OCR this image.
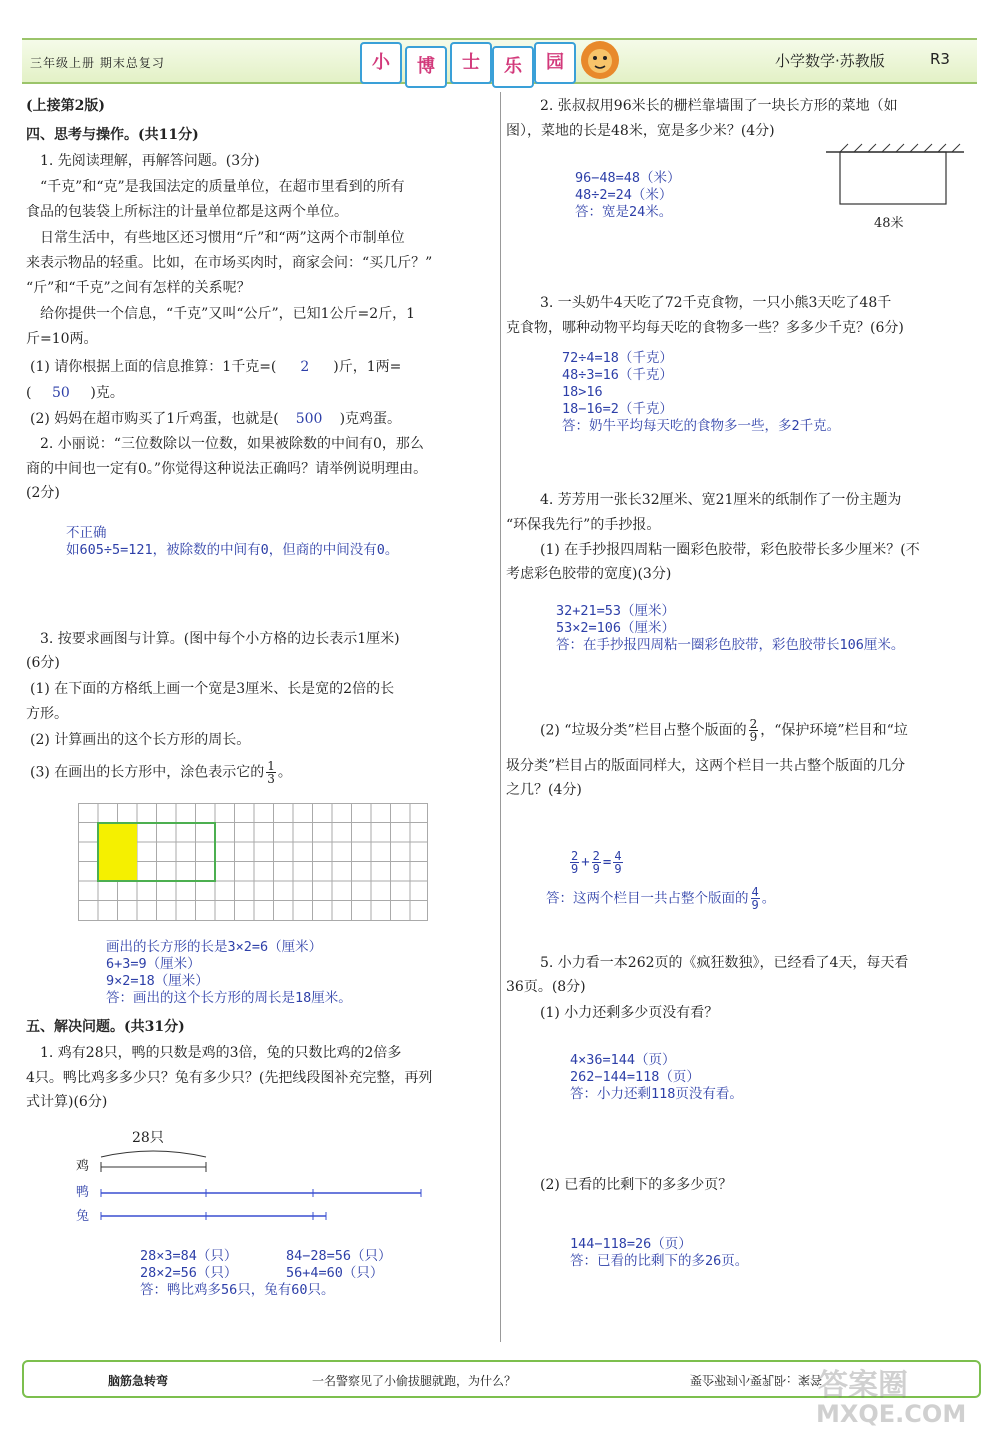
三年级上册 期末总复习	小	博	士	乐	园	小学数学·苏教版	R3
(上接第2版)
四、思考与操作。(共11分)
1. 先阅读理解，再解答问题。(3分)
“千克”和“克”是我国法定的质量单位，在超市里看到的所有
食品的包装袋上所标注的计量单位都是这两个单位。
日常生活中，有些地区还习惯用“斤”和“两”这两个市制单位
来表示物品的轻重。比如，在市场买肉时，商家会问：“买几斤？”
“斤”和“千克”之间有怎样的关系呢？
给你提供一个信息，“千克”又叫“公斤”，已知1公斤=2斤，1
斤=10两。
(1) 请你根据上面的信息推算：1千克=( 2 )斤，1两=
( 50 )克。
(2) 妈妈在超市购买了1斤鸡蛋，也就是( 500 )克鸡蛋。
2. 小丽说：“三位数除以一位数，如果被除数的中间有0，那么
商的中间也一定有0。”你觉得这种说法正确吗？请举例说明理由。
(2分)
不正确
如605÷5=121，被除数的中间有0，但商的中间没有0。
3. 按要求画图与计算。(图中每个小方格的边长表示1厘米)
(6分)
(1) 在下面的方格纸上画一个宽是3厘米、长是宽的2倍的长
方形。
(2) 计算画出的这个长方形的周长。
(3) 在画出的长方形中，涂色表示它的 $\frac{1}{3}$ 。
画出的长方形的长是3×2=6（厘米）
6+3=9（厘米）
9×2=18（厘米）
答：画出的这个长方形的周长是18厘米。
五、解决问题。(共31分)
1. 鸡有28只，鸭的只数是鸡的3倍，兔的只数比鸡的2倍多
4只。鸭比鸡多多少只？兔有多少只？(先把线段图补充完整，再列
式计算)(6分)
28只
鸡
鸭
兔
28×3=84（只）	84−28=56（只）
28×2=56（只）	56+4=60（只）
答：鸭比鸡多56只，兔有60只。
2. 张叔叔用96米长的栅栏靠墙围了一块长方形的菜地（如
图），菜地的长是48米，宽是多少米？(4分)
96−48=48（米）
48÷2=24（米）
答：宽是24米。
48米
3. 一头奶牛4天吃了72千克食物，一只小熊3天吃了48千
克食物，哪种动物平均每天吃的食物多一些？多多少千克？(6分)
72÷4=18（千克）
48÷3=16（千克）
18>16
18−16=2（千克）
答：奶牛平均每天吃的食物多一些，多2千克。
4. 芳芳用一张长32厘米、宽21厘米的纸制作了一份主题为
“环保我先行”的手抄报。
(1) 在手抄报四周粘一圈彩色胶带，彩色胶带长多少厘米？(不
考虑彩色胶带的宽度)(3分)
32+21=53（厘米）
53×2=106（厘米）
答：在手抄报四周粘一圈彩色胶带，彩色胶带长106厘米。
(2) “垃圾分类”栏目占整个版面的 $\frac{2}{9}$ ，“保护环境”栏目和“垃
圾分类”栏目占的版面同样大，这两个栏目一共占整个版面的几分
之几？(4分)
$\frac{2}{9} + \frac{2}{9} = \frac{4}{9}$
答：这两个栏目一共占整个版面的 $\frac{4}{9}$ 。
5. 小力看一本262页的《疯狂数独》，已经看了4天，每天看
36页。(8分)
(1) 小力还剩多少页没有看？
4×36=144（页）
262−144=118（页）
答：小力还剩118页没有看。
(2) 已看的比剩下的多多少页？
144−118=26（页）
答：已看的比剩下的多26页。
脑筋急转弯	一名警察见了小偷拔腿就跑，为什么？	要企邪到小要乳卧：案答
答案圈
MXQE.COM
